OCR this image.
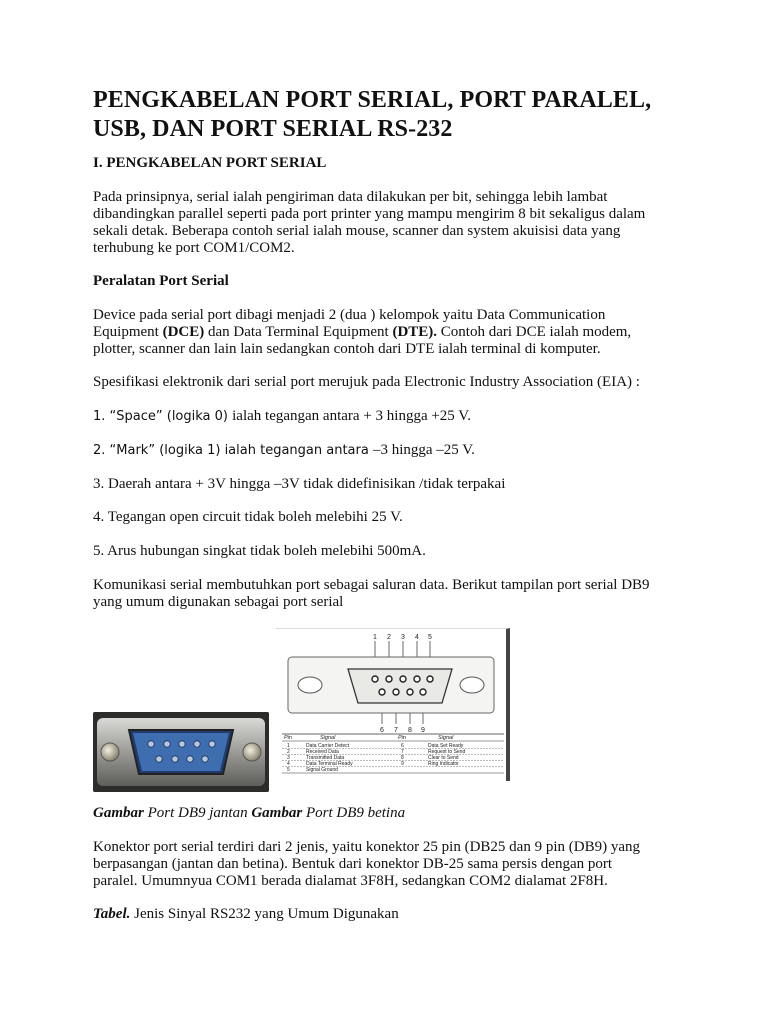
PENGKABELAN PORT SERIAL, PORT PARALEL,
USB, DAN PORT SERIAL RS-232
I. PENGKABELAN PORT SERIAL
Pada prinsipnya, serial ialah pengiriman data dilakukan per bit, sehingga lebih lambat
dibandingkan parallel seperti pada port printer yang mampu mengirim 8 bit sekaligus dalam
sekali detak. Beberapa contoh serial ialah mouse, scanner dan system akuisisi data yang
terhubung ke port COM1/COM2.
Peralatan Port Serial
Device pada serial port dibagi menjadi 2 (dua ) kelompok yaitu Data Communication
Equipment (DCE) dan Data Terminal Equipment (DTE). Contoh dari DCE ialah modem,
plotter, scanner dan lain lain sedangkan contoh dari DTE ialah terminal di komputer.
Spesifikasi elektronik dari serial port merujuk pada Electronic Industry Association (EIA) :
1. “Space” (logika 0) ialah tegangan antara + 3 hingga +25 V.
2. “Mark” (logika 1) ialah tegangan antara –3 hingga –25 V.
3. Daerah antara + 3V hingga –3V tidak didefinisikan /tidak terpakai
4. Tegangan open circuit tidak boleh melebihi 25 V.
5. Arus hubungan singkat tidak boleh melebihi 500mA.
Komunikasi serial membutuhkan port sebagai saluran data. Berikut tampilan port serial DB9
yang umum digunakan sebagai port serial
1 2 3 4 5
6 7 8 9
Pin	Signal	Pin	Signal
1	Data Carrier Detect	6	Data Set Ready
2	Received Data	7	Request to Send
3	Transmitted Data	8	Clear to Send
4	Data Terminal Ready	9	Ring Indicator
5	Signal Ground
Gambar Port DB9 jantan Gambar Port DB9 betina
Konektor port serial terdiri dari 2 jenis, yaitu konektor 25 pin (DB25 dan 9 pin (DB9) yang
berpasangan (jantan dan betina). Bentuk dari konektor DB-25 sama persis dengan port
paralel. Umumnyua COM1 berada dialamat 3F8H, sedangkan COM2 dialamat 2F8H.
Tabel. Jenis Sinyal RS232 yang Umum Digunakan
